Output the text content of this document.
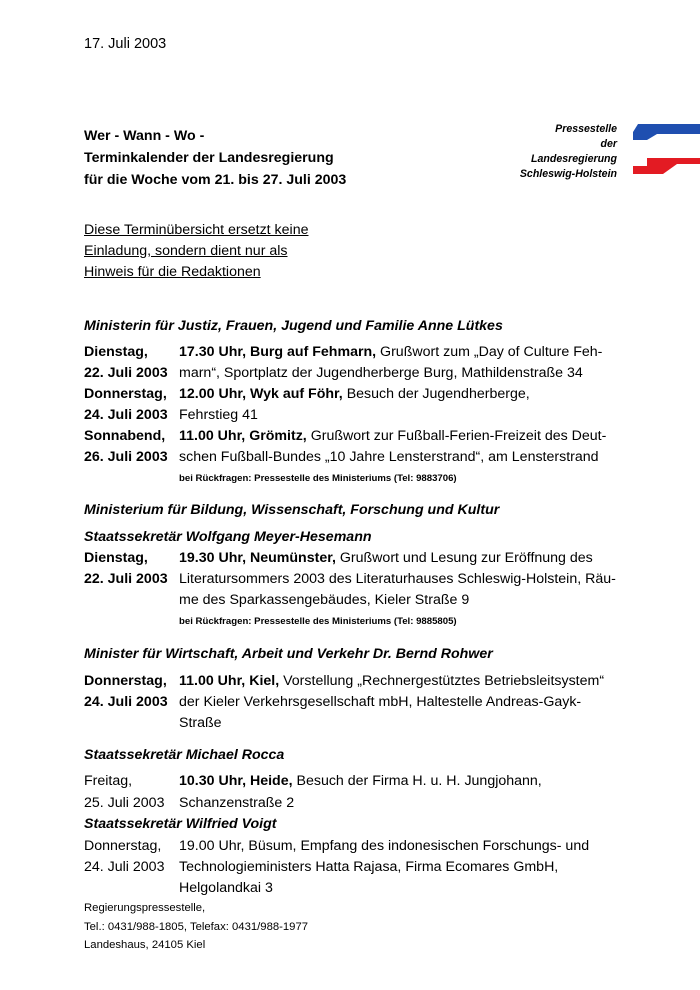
17. Juli 2003
Wer - Wann - Wo -
Terminkalender der Landesregierung
für die Woche vom 21. bis 27. Juli 2003
Pressestelle
der
Landesregierung
Schleswig-Holstein
Diese Terminübersicht ersetzt keine
Einladung, sondern dient nur als
Hinweis für die Redaktionen
Ministerin für Justiz, Frauen, Jugend und Familie Anne Lütkes
Dienstag, 17.30 Uhr, Burg auf Fehmarn, Grußwort zum „Day of Culture Feh-
22. Juli 2003 marn“, Sportplatz der Jugendherberge Burg, Mathildenstraße 34
Donnerstag, 12.00 Uhr, Wyk auf Föhr, Besuch der Jugendherberge,
24. Juli 2003 Fehrstieg 41
Sonnabend, 11.00 Uhr, Grömitz, Grußwort zur Fußball-Ferien-Freizeit des Deut-
26. Juli 2003 schen Fußball-Bundes „10 Jahre Lensterstrand“, am Lensterstrand
bei Rückfragen: Pressestelle des Ministeriums (Tel: 9883706)
Ministerium für Bildung, Wissenschaft, Forschung und Kultur
Staatssekretär Wolfgang Meyer-Hesemann
Dienstag, 19.30 Uhr, Neumünster, Grußwort und Lesung zur Eröffnung des
22. Juli 2003 Literatursommers 2003 des Literaturhauses Schleswig-Holstein, Räu-
me des Sparkassengebäudes, Kieler Straße 9
bei Rückfragen: Pressestelle des Ministeriums (Tel: 9885805)
Minister für Wirtschaft, Arbeit und Verkehr Dr. Bernd Rohwer
Donnerstag, 11.00 Uhr, Kiel, Vorstellung „Rechnergestütztes Betriebsleitsystem“
24. Juli 2003 der Kieler Verkehrsgesellschaft mbH, Haltestelle Andreas-Gayk-
Straße
Staatssekretär Michael Rocca
Freitag,	10.30 Uhr, Heide, Besuch der Firma H. u. H. Jungjohann,
25. Juli 2003 Schanzenstraße 2
Staatssekretär Wilfried Voigt
Donnerstag, 19.00 Uhr, Büsum, Empfang des indonesischen Forschungs- und
24. Juli 2003 Technologieministers Hatta Rajasa, Firma Ecomares GmbH,
Helgolandkai 3
Regierungspressestelle,
Tel.: 0431/988-1805, Telefax: 0431/988-1977
Landeshaus, 24105 Kiel
